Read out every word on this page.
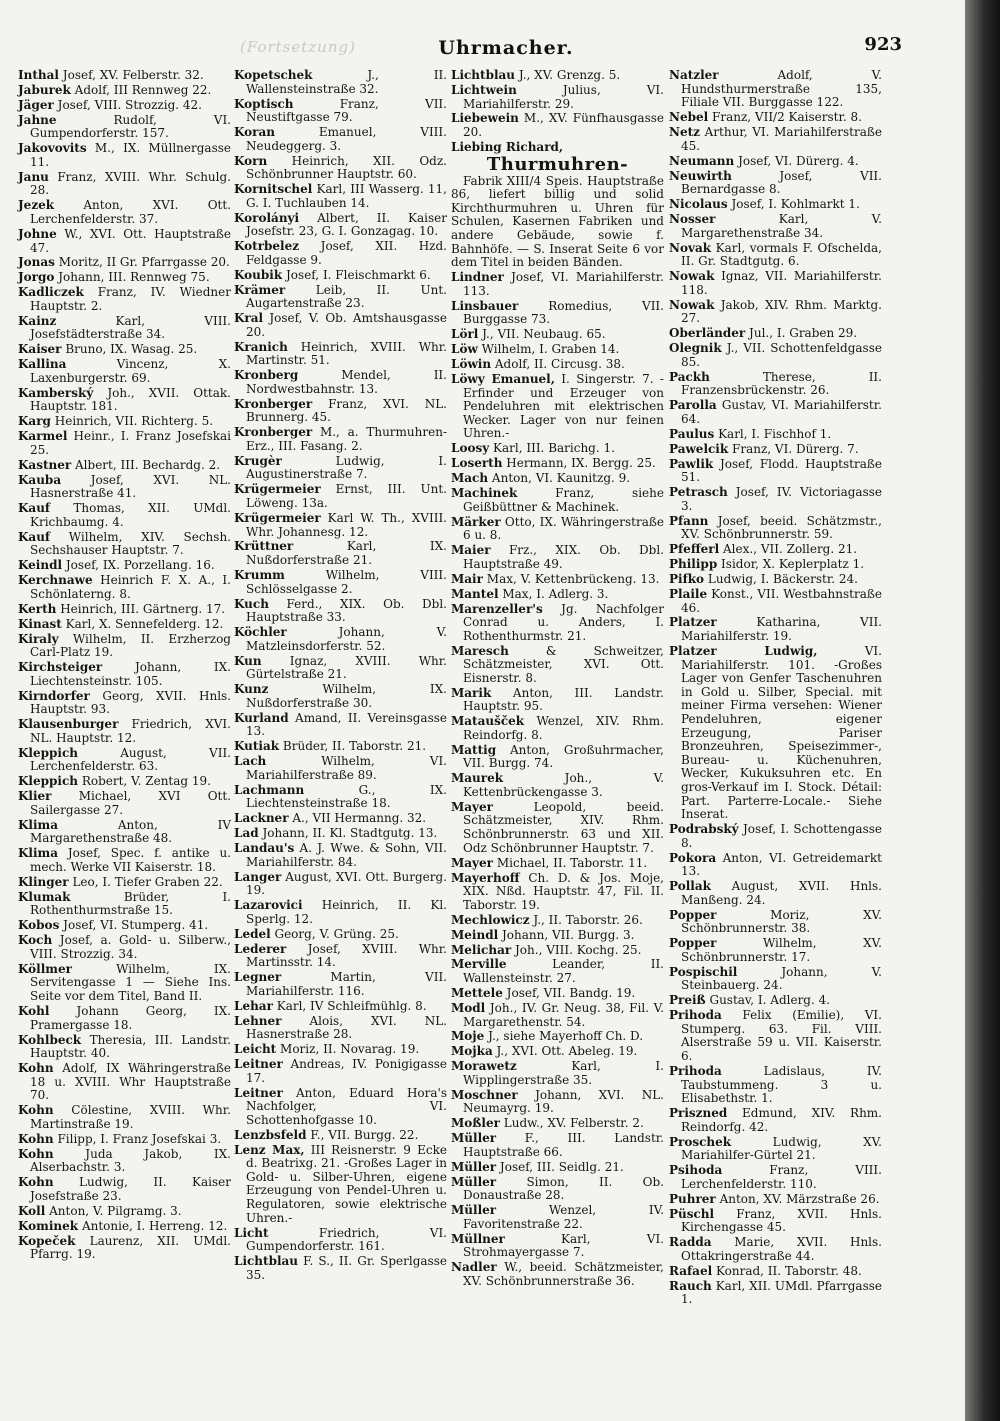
(Fortsetzung)	Uhrmacher.	923
Inthal Josef, XV. Felberstr. 32.
Jaburek Adolf, III Rennweg 22.
Jäger Josef, VIII. Strozzig. 42.
Jahne	Rudolf, VI. Gumpendorferstr. 157.
Jakovovits M., IX. Müllnergasse 11.
Janu Franz, XVIII. Whr. Schulg. 28.
Jezek Anton, XVI. Ott. Lerchenfelderstr. 37.
Johne W., XVI. Ott. Hauptstraße 47.
Jonas Moritz, II Gr. Pfarrgasse 20.
Jorgo Johann, III. Rennweg 75.
Kadliczek Franz, IV. Wiedner Hauptstr. 2.
Kainz	Karl, VIII. Josefstädterstraße 34.
Kaiser Bruno, IX. Wasag. 25.
Kallina	Vincenz, X. Laxenburgerstr. 69.
Kamberský Joh., XVII. Ottak. Hauptstr. 181.
Karg Heinrich, VII. Richterg. 5.
Karmel Heinr., I. Franz Josefskai 25.
Kastner Albert, III. Bechardg. 2.
Kauba Josef, XVI. NL. Hasnerstraße 41.
Kauf Thomas, XII. UMdl. Krichbaumg. 4.
Kauf Wilhelm, XIV. Sechsh. Sechshauser Hauptstr. 7.
Keindl Josef, IX. Porzellang. 16.
Kerchnawe Heinrich F. X. A., I. Schönlaterng. 8.
Kerth Heinrich, III. Gärtnerg. 17.
Kinast Karl, X. Sennefelderg. 12.
Kiraly Wilhelm, II. Erzherzog Carl-Platz 19.
Kirchsteiger	Johann, IX. Liechtensteinstr. 105.
Kirndorfer Georg, XVII. Hnls. Hauptstr. 93.
Klausenburger Friedrich, XVI. NL. Hauptstr. 12.
Kleppich	August, VII. Lerchenfelderstr. 63.
Kleppich Robert, V. Zentag 19.
Klier Michael, XVI Ott. Sailergasse 27.
Klima	Anton, IV Margarethenstraße 48.
Klima Josef, Spec. f. antike u. mech. Werke VII Kaiserstr. 18.
Klinger Leo, I. Tiefer Graben 22.
Klumak	Brüder, I. Rothenthurmstraße 15.
Kobos Josef, VI. Stumperg. 41.
Koch Josef, a. Gold- u. Silberw., VIII. Strozzig. 34.
Köllmer	Wilhelm, IX. Servitengasse 1 — Siehe Ins. Seite vor dem Titel, Band II.
Kohl Johann Georg, IX. Pramergasse 18.
Kohlbeck Theresia, III. Landstr. Hauptstr. 40.
Kohn Adolf, IX Währingerstraße 18 u. XVIII. Whr Hauptstraße 70.
Kohn Cölestine, XVIII. Whr. Martinstraße 19.
Kohn Filipp, I. Franz Josefskai 3.
Kohn	Juda Jakob, IX. Alserbachstr. 3.
Kohn Ludwig, II. Kaiser Josefstraße 23.
Koll Anton, V. Pilgramg. 3.
Kominek Antonie, I. Herreng. 12.
Kopeček Laurenz, XII. UMdl. Pfarrg. 19.
Kopetschek	J., II. Wallensteinstraße 32.
Koptisch	Franz, VII. Neustiftgasse 79.
Koran	Emanuel, VIII. Neudeggerg. 3.
Korn Heinrich, XII. Odz. Schönbrunner Hauptstr. 60.
Kornitschel Karl, III Wasserg. 11, G. I. Tuchlauben 14.
Korolányi Albert, II. Kaiser Josefstr. 23, G. I. Gonzagag. 10.
Kotrbelez Josef, XII. Hzd. Feldgasse 9.
Koubik Josef, I. Fleischmarkt 6.
Krämer	Leib, II. Unt. Augartenstraße 23.
Kral Josef, V. Ob. Amtshausgasse 20.
Kranich Heinrich, XVIII. Whr. Martinstr. 51.
Kronberg	Mendel, II. Nordwestbahnstr. 13.
Kronberger Franz, XVI. NL. Brunnerg. 45.
Kronberger M., a. Thurmuhren-Erz., III. Fasang. 2.
Krugèr	Ludwig, I. Augustinerstraße 7.
Krügermeier Ernst, III. Unt. Löweng. 13a.
Krügermeier Karl W. Th., XVIII. Whr. Johannesg. 12.
Krüttner	Karl, IX. Nußdorferstraße 21.
Krumm	Wilhelm, VIII. Schlösselgasse 2.
Kuch Ferd., XIX. Ob. Dbl. Hauptstraße 33.
Köchler	Johann, V. Matzleinsdorferstr. 52.
Kun Ignaz, XVIII. Whr. Gürtelstraße 21.
Kunz	Wilhelm, IX. Nußdorferstraße 30.
Kurland Amand, II. Vereinsgasse 13.
Kutiak Brüder, II. Taborstr. 21.
Lach	Wilhelm, VI. Mariahilferstraße 89.
Lachmann	G., IX. Liechtensteinstraße 18.
Lackner A., VII Hermanng. 32.
Lad Johann, II. Kl. Stadtgutg. 13.
Landau's A. J. Wwe. & Sohn, VII. Mariahilferstr. 84.
Langer August, XVI. Ott. Burgerg. 19.
Lazarovici Heinrich, II. Kl. Sperlg. 12.
Ledel Georg, V. Grüng. 25.
Lederer Josef, XVIII. Whr. Martinsstr. 14.
Legner	Martin, VII. Mariahilferstr. 116.
Lehar Karl, IV Schleifmühlg. 8.
Lehner Alois, XVI. NL. Hasnerstraße 28.
Leicht Moriz, II. Novarag. 19.
Leitner Andreas, IV. Ponigigasse 17.
Leitner Anton, Eduard Hora's Nachfolger, VI. Schottenhofgasse 10.
Lenzbsfeld F., VII. Burgg. 22.
Lenz Max, III Reisnerstr. 9 Ecke d. Beatrixg. 21. -Großes Lager in Gold- u. Silber-Uhren, eigene Erzeugung von Pendel-Uhren u. Regulatoren, sowie elektrische Uhren.-
Licht	Friedrich, VI. Gumpendorferstr. 161.
Lichtblau F. S., II. Gr. Sperlgasse 35.
Lichtblau J., XV. Grenzg. 5.
Lichtwein	Julius, VI. Mariahilferstr. 29.
Liebewein M., XV. Fünfhausgasse 20.
Liebing Richard,
Thurmuhren-
Fabrik XIII/4 Speis. Hauptstraße 86, liefert billig und solid Kirchthurmuhren u. Uhren für Schulen, Kasernen Fabriken und andere Gebäude, sowie f. Bahnhöfe. — S. Inserat Seite 6 vor dem Titel in beiden Bänden.
Lindner Josef, VI. Mariahilferstr. 113.
Linsbauer Romedius, VII. Burggasse 73.
Lörl J., VII. Neubaug. 65.
Löw Wilhelm, I. Graben 14.
Löwin Adolf, II. Circusg. 38.
Löwy Emanuel, I. Singerstr. 7. -Erfinder und Erzeuger von Pendeluhren mit elektrischen Wecker. Lager von nur feinen Uhren.-
Loosy Karl, III. Barichg. 1.
Loserth Hermann, IX. Bergg. 25.
Mach Anton, VI. Kaunitzg. 9.
Machinek	Franz, siehe Geißbüttner & Machinek.
Märker Otto, IX. Währingerstraße 6 u. 8.
Maier Frz., XIX. Ob. Dbl. Hauptstraße 49.
Mair Max, V. Kettenbrückeng. 13.
Mantel Max, I. Adlerg. 3.
Marenzeller's Jg. Nachfolger Conrad u. Anders, I. Rothenthurmstr. 21.
Maresch	& Schweitzer, Schätzmeister, XVI. Ott. Eisnerstr. 8.
Marik Anton, III. Landstr. Hauptstr. 95.
Mataušček Wenzel, XIV. Rhm. Reindorfg. 8.
Mattig Anton, Großuhrmacher, VII. Burgg. 74.
Maurek	Joh., V. Kettenbrückengasse 3.
Mayer	Leopold, beeid. Schätzmeister, XIV. Rhm. Schönbrunnerstr. 63 und XII. Odz Schönbrunner Hauptstr. 7.
Mayer Michael, II. Taborstr. 11.
Mayerhoff Ch. D. & Jos. Moje, XIX. Nßd. Hauptstr. 47, Fil. II. Taborstr. 19.
Mechlowicz J., II. Taborstr. 26.
Meindl Johann, VII. Burgg. 3.
Melichar Joh., VIII. Kochg. 25.
Merville	Leander, II. Wallensteinstr. 27.
Mettele Josef, VII. Bandg. 19.
Modl Joh., IV. Gr. Neug. 38, Fil. V. Margarethenstr. 54.
Moje J., siehe Mayerhoff Ch. D.
Mojka J., XVI. Ott. Abeleg. 19.
Morawetz	Karl, I. Wipplingerstraße 35.
Moschner Johann, XVI. NL. Neumayrg. 19.
Moßler Ludw., XV. Felberstr. 2.
Müller F., III. Landstr. Hauptstraße 66.
Müller Josef, III. Seidlg. 21.
Müller	Simon, II. Ob. Donaustraße 28.
Müller	Wenzel, IV. Favoritenstraße 22.
Müllner	Karl, VI. Strohmayergasse 7.
Nadler W., beeid. Schätzmeister, XV. Schönbrunnerstraße 36.
Natzler	Adolf, V. Hundsthurmerstraße 135, Filiale VII. Burggasse 122.
Nebel Franz, VII/2 Kaiserstr. 8.
Netz Arthur, VI. Mariahilferstraße 45.
Neumann Josef, VI. Dürerg. 4.
Neuwirth	Josef, VII. Bernardgasse 8.
Nicolaus Josef, I. Kohlmarkt 1.
Nosser	Karl, V. Margarethenstraße 34.
Novak Karl, vormals F. Ofschelda, II. Gr. Stadtgutg. 6.
Nowak Ignaz, VII. Mariahilferstr. 118.
Nowak Jakob, XIV. Rhm. Marktg. 27.
Oberländer Jul., I. Graben 29.
Olegnik J., VII. Schottenfeldgasse 85.
Packh	Therese, II. Franzensbrückenstr. 26.
Parolla Gustav, VI. Mariahilferstr. 64.
Paulus Karl, I. Fischhof 1.
Pawelcik Franz, VI. Dürerg. 7.
Pawlik Josef, Flodd. Hauptstraße 51.
Petrasch Josef, IV. Victoriagasse 3.
Pfann Josef, beeid. Schätzmstr., XV. Schönbrunnerstr. 59.
Pfefferl Alex., VII. Zollerg. 21.
Philipp Isidor, X. Keplerplatz 1.
Pifko Ludwig, I. Bäckerstr. 24.
Plaile Konst., VII. Westbahnstraße 46.
Platzer	Katharina, VII. Mariahilferstr. 19.
Platzer Ludwig,	VI. Mariahilferstr. 101. -Großes Lager von Genfer Taschenuhren in Gold u. Silber, Special. mit meiner Firma versehen: Wiener Pendeluhren, eigener Erzeugung, Pariser Bronzeuhren, Speisezimmer-, Bureau- u. Küchenuhren, Wecker, Kukuksuhren etc. En gros-Verkauf im I. Stock. Détail: Part. Parterre-Locale.- Siehe Inserat.
Podrabský Josef, I. Schottengasse 8.
Pokora Anton, VI. Getreidemarkt 13.
Pollak August, XVII. Hnls. Manßeng. 24.
Popper	Moriz, XV. Schönbrunnerstr. 38.
Popper	Wilhelm, XV. Schönbrunnerstr. 17.
Pospischil	Johann, V. Steinbauerg. 24.
Preiß Gustav, I. Adlerg. 4.
Prihoda Felix (Emilie), VI. Stumperg. 63. Fil. VIII. Alserstraße 59 u. VII. Kaiserstr. 6.
Prihoda	Ladislaus, IV. Taubstummeng. 3 u. Elisabethstr. 1.
Priszned Edmund, XIV. Rhm. Reindorfg. 42.
Proschek	Ludwig, XV. Mariahilfer-Gürtel 21.
Psihoda	Franz, VIII. Lerchenfelderstr. 110.
Puhrer Anton, XV. Märzstraße 26.
Püschl Franz, XVII. Hnls. Kirchengasse 45.
Radda Marie, XVII. Hnls. Ottakringerstraße 44.
Rafael Konrad, II. Taborstr. 48.
Rauch Karl, XII. UMdl. Pfarrgasse 1.
